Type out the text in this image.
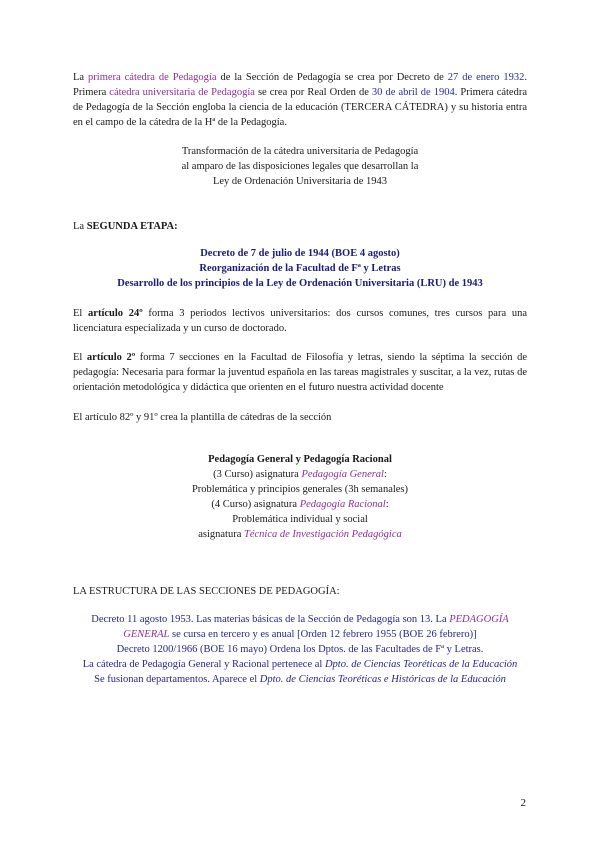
La primera cátedra de Pedagogía de la Sección de Pedagogía se crea por Decreto de 27 de enero 1932. Primera cátedra universitaria de Pedagogía se crea por Real Orden de 30 de abril de 1904. Primera cátedra de Pedagogía de la Sección engloba la ciencia de la educación (TERCERA CÁTEDRA) y su historia entra en el campo de la cátedra de la Hª de la Pedagogía.

Transformación de la cátedra universitaria de Pedagogía
al amparo de las disposiciones legales que desarrollan la
Ley de Ordenación Universitaria de 1943

La SEGUNDA ETAPA:

Decreto de 7 de julio de 1944 (BOE 4 agosto)
Reorganización de la Facultad de Fª y Letras
Desarrollo de los principios de la Ley de Ordenación Universitaria (LRU) de 1943

El artículo 24º forma 3 periodos lectivos universitarios: dos cursos comunes, tres cursos para una licenciatura especializada y un curso de doctorado.

El artículo 2º forma 7 secciones en la Facultad de Filosofía y letras, siendo la séptima la sección de pedagogía: Necesaria para formar la juventud española en las tareas magistrales y suscitar, a la vez, rutas de orientación metodológica y didáctica que orienten en el futuro nuestra actividad docente

El artículo 82º y 91º crea la plantilla de cátedras de la sección

Pedagogía General y Pedagogía Racional
(3 Curso) asignatura Pedagogía General:
Problemática y principios generales (3h semanales)
(4 Curso) asignatura Pedagogía Racional:
Problemática individual y social
asignatura Técnica de Investigación Pedagógica

LA ESTRUCTURA DE LAS SECCIONES DE PEDAGOGÍA:

Decreto 11 agosto 1953. Las materias básicas de la Sección de Pedagogía son 13. La PEDAGOGÍA GENERAL se cursa en tercero y es anual [Orden 12 febrero 1955 (BOE 26 febrero)]
Decreto 1200/1966 (BOE 16 mayo) Ordena los Dptos. de las Facultades de Fª y Letras.
La cátedra de Pedagogía General y Racional pertenece al Dpto. de Ciencias Teoréticas de la Educación
Se fusionan departamentos. Aparece el Dpto. de Ciencias Teoréticas e Históricas de la Educación
2
